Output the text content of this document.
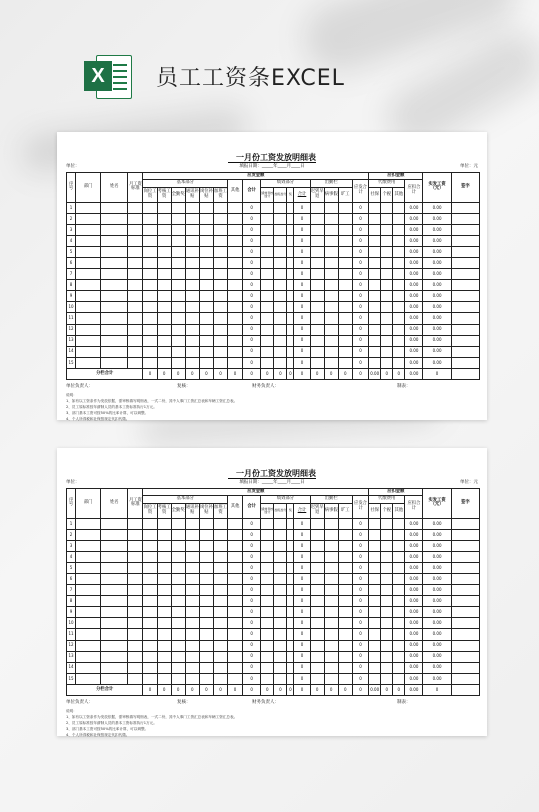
X	员工工资条EXCEL
一月份工资发放明细表
填报日期：_____年____月____日
单位：	单位：元
序号	部门	姓名	月工资标准	应发金额																应扣金额				实发工资（元）	签字
				基本部分						其他	合计	绩效部分				出勤栏			应发合计	代缴费用			应扣合计		
				岗位工资	考核工资	全勤奖	通讯补贴	岗位补贴	加班工资			绩效考核加分	加班加分	奖	合计	迟到早退	病事假	旷工		社保	个税	其他			
1											0				0				0				0.00	0.00	
2											0				0				0				0.00	0.00	
3											0				0				0				0.00	0.00	
4											0				0				0				0.00	0.00	
5											0				0				0				0.00	0.00	
6											0				0				0				0.00	0.00	
7											0				0				0				0.00	0.00	
8											0				0				0				0.00	0.00	
9											0				0				0				0.00	0.00	
10											0				0				0				0.00	0.00	
11											0				0				0				0.00	0.00	
12											0				0				0				0.00	0.00	
13											0				0				0				0.00	0.00	
14											0				0				0				0.00	0.00	
15											0				0				0				0.00	0.00	
分栏合计				0	0	0	0	0	0	0	0	0	0	0	0	0	0	0	0	0.00	0	0	0.00	0	
单位负责人：	复核：	财务负责人：	制表：
说明：
1、如有以工资条作为发放依据，需审核填写明细表，一式二份，其中人事门工资汇总表和车辆工资汇总表。
2、员工原标准按年薪制人员的基本工资标准执行1万元。
3、部门基本工资可按50%的比率计算，可以调整。
4、个人所得税和社保按规定代扣代缴。
一月份工资发放明细表
填报日期：_____年____月____日
单位：	单位：元
序号	部门	姓名	月工资标准	应发金额																应扣金额				实发工资（元）	签字
				基本部分						其他	合计	绩效部分				出勤栏			应发合计	代缴费用			应扣合计		
				岗位工资	考核工资	全勤奖	通讯补贴	岗位补贴	加班工资			绩效考核加分	加班加分	奖	合计	迟到早退	病事假	旷工		社保	个税	其他			
1											0				0				0				0.00	0.00	
2											0				0				0				0.00	0.00	
3											0				0				0				0.00	0.00	
4											0				0				0				0.00	0.00	
5											0				0				0				0.00	0.00	
6											0				0				0				0.00	0.00	
7											0				0				0				0.00	0.00	
8											0				0				0				0.00	0.00	
9											0				0				0				0.00	0.00	
10											0				0				0				0.00	0.00	
11											0				0				0				0.00	0.00	
12											0				0				0				0.00	0.00	
13											0				0				0				0.00	0.00	
14											0				0				0				0.00	0.00	
15											0				0				0				0.00	0.00	
分栏合计				0	0	0	0	0	0	0	0	0	0	0	0	0	0	0	0	0.00	0	0	0.00	0	
单位负责人：	复核：	财务负责人：	制表：
说明：
1、如有以工资条作为发放依据，需审核填写明细表，一式二份，其中人事门工资汇总表和车辆工资汇总表。
2、员工原标准按年薪制人员的基本工资标准执行1万元。
3、部门基本工资可按50%的比率计算，可以调整。
4、个人所得税和社保按规定代扣代缴。
